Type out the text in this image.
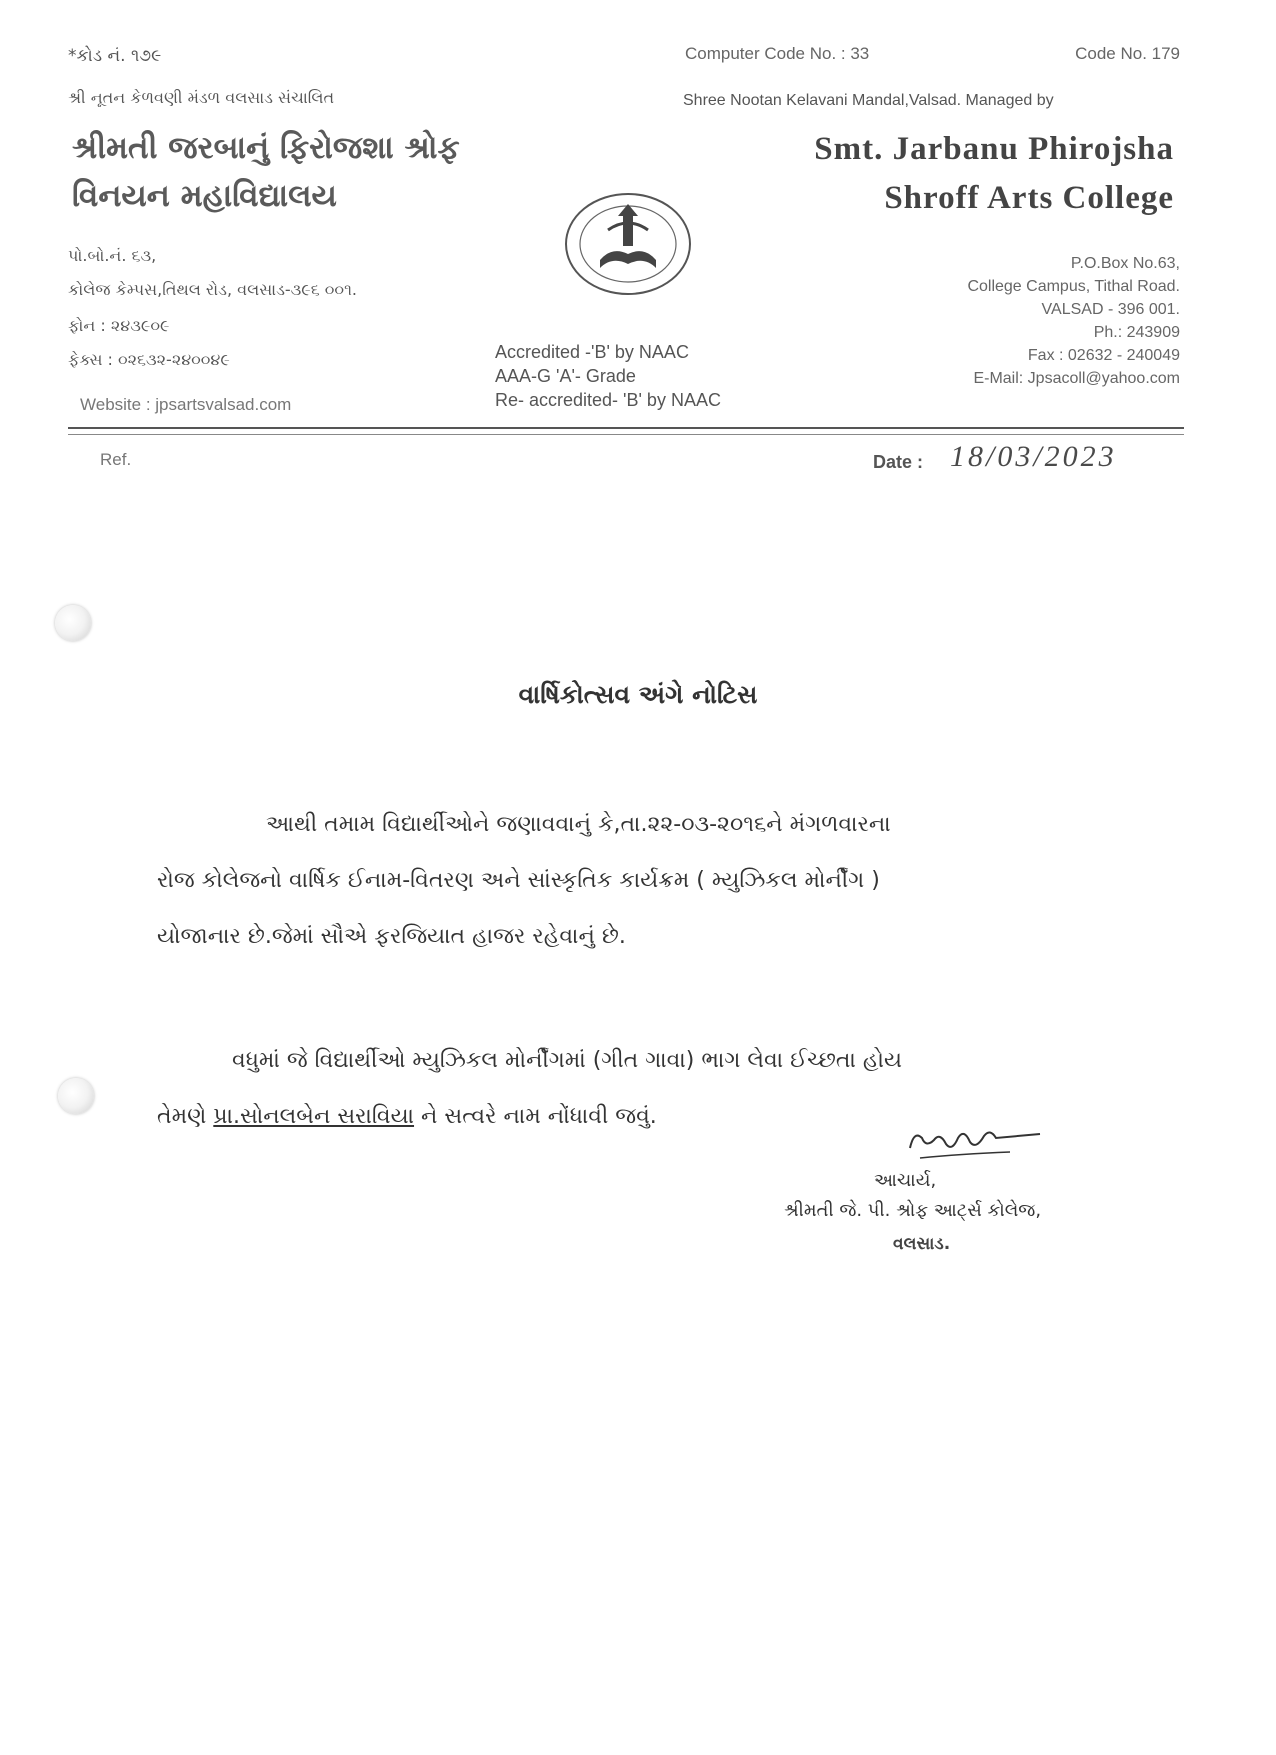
*કોડ નં. ૧૭૯
શ્રી નૂતન કેળવણી મંડળ વલસાડ સંચાલિત
શ્રીમતી જરબાનું ફિરોજશા શ્રોફ
વિનયન મહાવિદ્યાલય
પો.બો.નં. ૬૩,
કોલેજ કેમ્પસ,તિથલ રોડ, વલસાડ-૩૯૬ ૦૦૧.
ફોન : ૨૪૩૯૦૯
ફેક્સ : ૦૨૬૩૨-૨૪૦૦૪૯
Website : jpsartsvalsad.com
Computer Code No. : 33
Shree Nootan Kelavani Mandal,Valsad. Managed by
Accredited -'B' by NAAC
AAA-G 'A'- Grade
Re- accredited- 'B' by NAAC
Code No. 179
Smt. Jarbanu Phirojsha
Shroff Arts College
P.O.Box No.63,
College Campus, Tithal Road.
VALSAD - 396 001.
Ph.: 243909
Fax : 02632 - 240049
E-Mail: Jpsacoll@yahoo.com
Ref.	Date : 18/03/2023
વાર્ષિકોત્સવ અંગે નોટિસ
આથી તમામ વિદ્યાર્થીઓને જણાવવાનું કે,તા.૨૨-૦૩-૨૦૧૬ને મંગળવારના
રોજ કોલેજનો વાર્ષિક ઈનામ-વિતરણ અને સાંસ્કૃતિક કાર્યક્રમ ( મ્યુઝિકલ મોર્નીંગ )
યોજાનાર છે.જેમાં સૌએ ફરજિયાત હાજર રહેવાનું છે.
વધુમાં જે વિદ્યાર્થીઓ મ્યુઝિકલ મોર્નીંગમાં (ગીત ગાવા) ભાગ લેવા ઈચ્છતા હોય
તેમણે પ્રા.સોનલબેન સરાવિયા ને સત્વરે નામ નોંધાવી જવું.
આચાર્ય,
શ્રીમતી જે. પી. શ્રોફ આર્ટ્સ કોલેજ,
વલસાડ.
